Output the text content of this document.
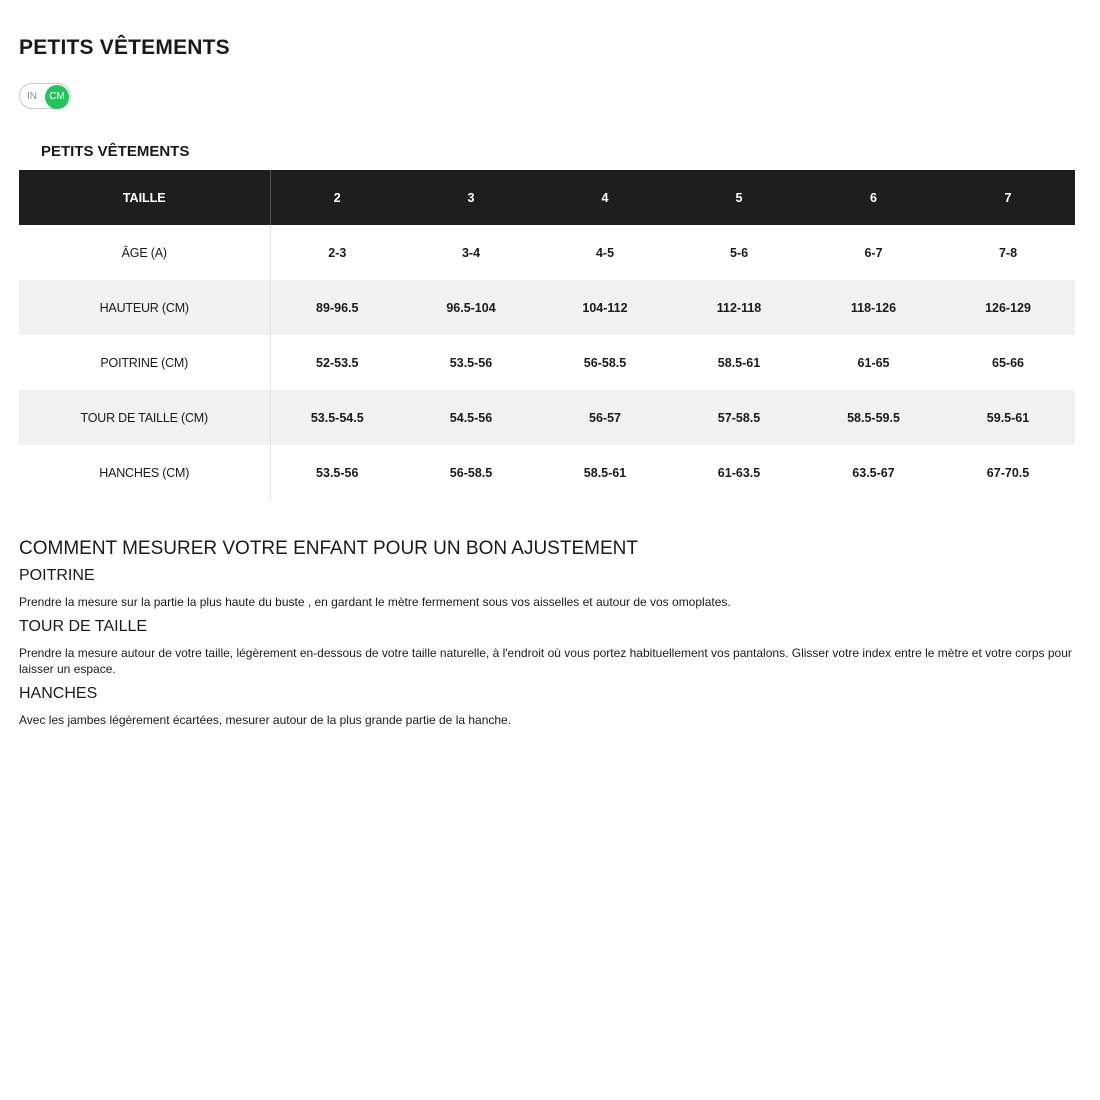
PETITS VÊTEMENTS
IN	CM
PETITS VÊTEMENTS
TAILLE	2	3	4	5	6	7
ÂGE (A)	2-3	3-4	4-5	5-6	6-7	7-8
HAUTEUR (CM)	89-96.5	96.5-104	104-112	112-118	118-126	126-129
POITRINE (CM)	52-53.5	53.5-56	56-58.5	58.5-61	61-65	65-66
TOUR DE TAILLE (CM)	53.5-54.5	54.5-56	56-57	57-58.5	58.5-59.5	59.5-61
HANCHES (CM)	53.5-56	56-58.5	58.5-61	61-63.5	63.5-67	67-70.5
COMMENT MESURER VOTRE ENFANT POUR UN BON AJUSTEMENT
POITRINE

Prendre la mesure sur la partie la plus haute du buste , en gardant le mètre fermement sous vos aisselles et autour de vos omoplates.

TOUR DE TAILLE

Prendre la mesure autour de votre taille, légèrement en-dessous de votre taille naturelle, à l'endroit où vous portez habituellement vos pantalons. Glisser votre index entre le mètre et votre corps pour laisser un espace.

HANCHES

Avec les jambes légèrement écartées, mesurer autour de la plus grande partie de la hanche.
